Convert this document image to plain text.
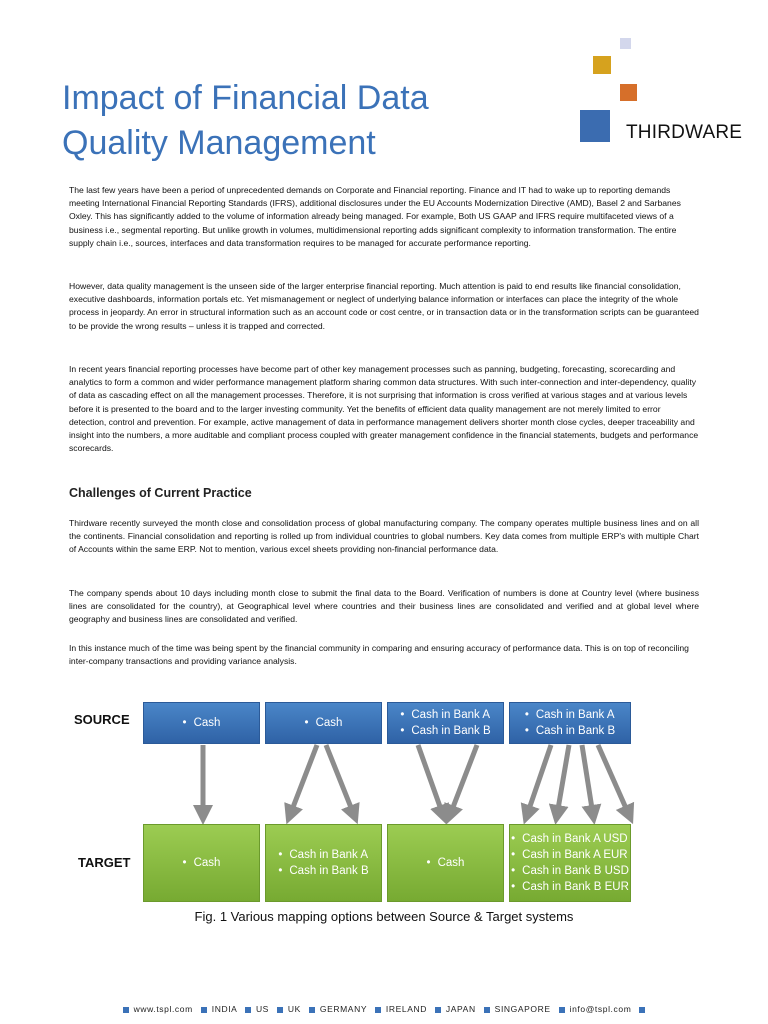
Impact of Financial Data
Quality Management	THIRDWARE

The last few years have been a period of unprecedented demands on Corporate and Financial reporting. Finance and IT had to wake up to reporting demands meeting International Financial Reporting Standards (IFRS), additional disclosures under the EU Accounts Modernization Directive (AMD), Basel 2 and Sarbanes Oxley. This has significantly added to the volume of information already being managed. For example, Both US GAAP and IFRS require multifaceted views of a business i.e., segmental reporting. But unlike growth in volumes, multidimensional reporting adds significant complexity to information transformation. The entire supply chain i.e., sources, interfaces and data transformation requires to be managed for accurate performance reporting.

However, data quality management is the unseen side of the larger enterprise financial reporting. Much attention is paid to end results like financial consolidation, executive dashboards, information portals etc. Yet mismanagement or neglect of underlying balance information or interfaces can place the integrity of the whole process in jeopardy. An error in structural information such as an account code or cost centre, or in transaction data or in the transformation scripts can be guaranteed to be provide the wrong results – unless it is trapped and corrected.

In recent years financial reporting processes have become part of other key management processes such as panning, budgeting, forecasting, scorecarding and analytics to form a common and wider performance management platform sharing common data structures. With such inter-connection and inter-dependency, quality of data as cascading effect on all the management processes. Therefore, it is not surprising that information is cross verified at various stages and at various levels before it is presented to the board and to the larger investing community. Yet the benefits of efficient data quality management are not merely limited to error detection, control and prevention. For example, active management of data in performance management delivers shorter month close cycles, deeper traceability and insight into the numbers, a more auditable and compliant process coupled with greater management confidence in the financial statements, budgets and performance scorecards.

Challenges of Current Practice

Thirdware recently surveyed the month close and consolidation process of global manufacturing company. The company operates multiple business lines and on all the continents. Financial consolidation and reporting is rolled up from individual countries to global numbers. Key data comes from multiple ERP's with multiple Chart of Accounts within the same ERP. Not to mention, various excel sheets providing non-financial performance data.

The company spends about 10 days including month close to submit the final data to the Board. Verification of numbers is done at Country level (where business lines are consolidated for the country), at Geographical level where countries and their business lines are consolidated and verified and at global level where geography and business lines are consolidated and verified.

In this instance much of the time was being spent by the financial community in comparing and ensuring accuracy of performance data. This is on top of reconciling inter-company transactions and providing variance analysis.

SOURCE
TARGET
• Cash
•	Cash
• Cash in Bank A
• Cash in Bank B
• Cash in Bank A
• Cash in Bank B
• Cash
• Cash in Bank A
• Cash in Bank B
• Cash
• Cash in Bank A USD
• Cash in Bank A EUR
• Cash in Bank B USD
• Cash in Bank B EUR
Fig. 1 Various mapping options between Source & Target systems
www.tspl.com INDIA US UK GERMANY IRELAND JAPAN SINGAPORE info@tspl.com
